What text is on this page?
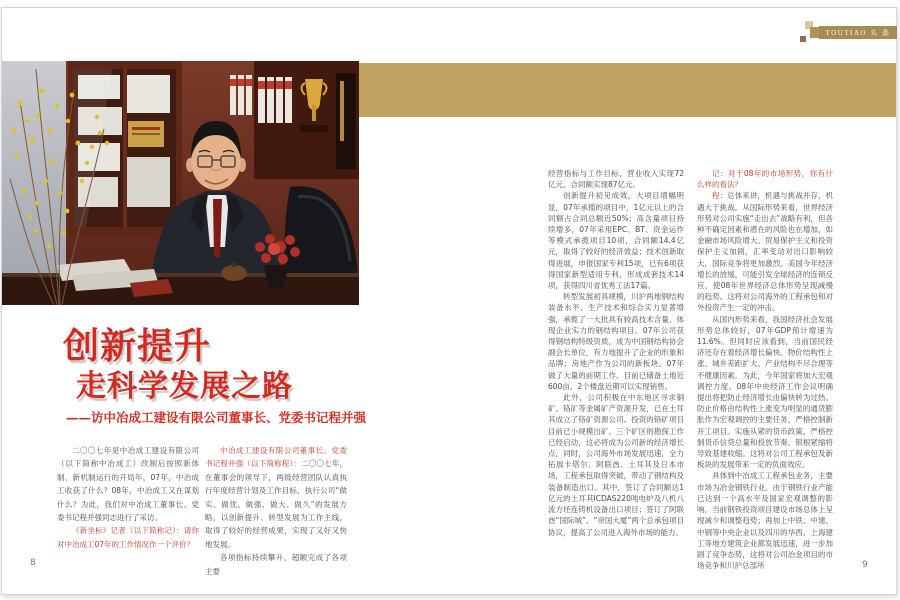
TOUTIAO 头 条
创新提升
走科学发展之路
——访中冶成工建设有限公司董事长、党委书记程并强

二〇〇七年是中冶成工建设有限公司（以下简称中冶成工）改制后按照新体制、新机制运行的开局年，07年，中冶成工收获了什么？08年，中冶成工又在谋划什么？为此，我们对中冶成工董事长、党委书记程并强同志进行了采访。

《新坐标》记者（以下简称记）：请你对中冶成工07年的工作情况作一个评价？

中冶成工建设有限公司董事长、党委书记程并强（以下简称程）：二〇〇七年，在董事会的领导下，两级经营团队认真执行年度经营计划及工作目标，执行公司“做实、做优、做强、做大、做久”的发展方略，以创新提升、转型发展为工作主线，取得了较好的经营成果，实现了又好又快地发展。

各项指标持续攀升，超额完成了各项主要

经营指标与工作目标，营业收入实现72亿元，合同额实现87亿元。

创新提升初见成效，大项目增幅明显，07年承揽的项目中，1亿元以上的合同额占合同总额近50%；高含量项目持续增多，07年采用EPC、BT、资金运作等模式承揽项目10项，合同额14.4亿元，取得了较好的经济效益；技术创新取得进展，申报国家专利15项，已有6项获得国家新型适用专利，形成成套技术14项，获得四川省优秀工法17篇。

转型发展初具规模，川沪两地钢结构装备水平、生产技术和综合实力显著增强，承揽了一大批具有较高技术含量、体现企业实力的钢结构项目。07年公司获得钢结构特级资质，成为中国钢结构协会副会长单位，有力地提升了企业的形象和品牌；房地产作为公司的新板块。07年做了大量的前期工作。目前已储备土地近600亩，2个楼盘近期可以实现销售。

此外，公司积极在中东地区寻求铜矿、铬矿等金属矿产资源开发，已在土耳其成立了铬矿资源公司。投资的铬矿项目目前已小规模出矿。三个矿区的勘探工作已经启动，这必将成为公司新的经济增长点，同时，公司海外市场发展迅速，全力拓展卡塔尔、阿联酋、土耳其及日本市场，工程承包取得突破，带动了钢结构及装备制造出口。其中，签订了合同额达1亿元的土耳其ICDAS220吨电炉及八机八流方坯连铸机设备出口项目；签订了阿联酋“国际城”、“帝国大厦”两个总承包项目协议，提高了公司进入海外市场的能力。

记：对于08年的市场形势，你有什么样的看法？

程：总体来讲，机遇与挑战并存，机遇大于挑战。从国际形势来看，世界经济形势对公司实施“走出去”战略有利，但各种不确定因素和潜在的风险也在增加，如金融市场风险增大。贸易保护主义和投资保护主义加剧，汇率变动对出口影响较大，国际竞争将更加激烈。美国今年经济增长的放缓，可能引发全球经济的连锁反应，使08年世界经济总体形势呈现减慢的趋势。这将对公司海外的工程承包和对外投资产生一定的冲击。

从国内形势来看，我国经济社会发展形势总体较好，07年GDP预计增速为11.6%。但同时应该看到，当前国民经济还存在着经济增长偏快、物价结构性上涨、城乡差距扩大、产业结构不尽合理等不健康因素。为此，今年国家将加大宏观调控力度。08年中央经济工作会议明确提出将把防止经济增长由偏快转为过热、防止价格由结构性上涨变为明显的通货膨胀作为宏观调控的主要任务，严格控制新开工项目。实施从紧的货币政策，严格控制货币信贷总量和投放节奏。银根紧缩将导致基建收缩。这将对公司工程承包及新板块的发展带来一定的负面效应。

具体到中冶成工工程承包业务，主要市场为冶金钢铁行业。由于钢铁行业产能已达到一个高水平及国家宏观调整的影响，当前钢铁投资项目建设市场总体上呈现减少和调整趋势；再加上中铁、中建、中钢等中央企业以及四川的华西、上海建工等地方建筑企业都发展迅速，进一步加剧了竞争态势，这将对公司冶金项目的市场竞争和川沪总部所

8	9
